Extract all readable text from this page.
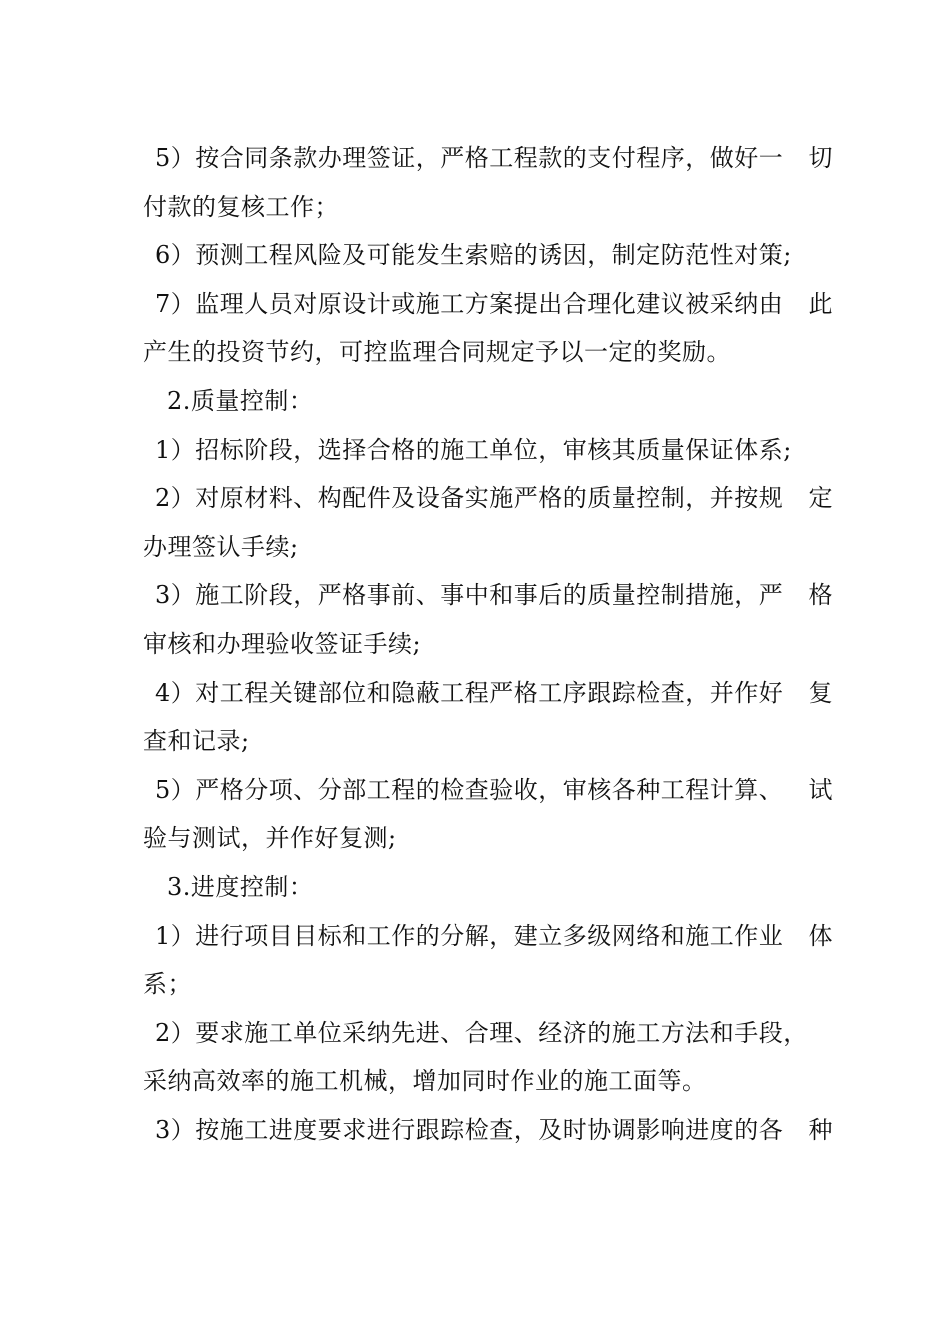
5）按合同条款办理签证，严格工程款的支付程序，做好一 切
付款的复核工作；
6）预测工程风险及可能发生索赔的诱因，制定防范性对策;
7）监理人员对原设计或施工方案提出合理化建议被采纳由 此
产生的投资节约，可控监理合同规定予以一定的奖励。
2.质量控制：
1）招标阶段，选择合格的施工单位，审核其质量保证体系;
2）对原材料、构配件及设备实施严格的质量控制，并按规 定
办理签认手续;
3）施工阶段，严格事前、事中和事后的质量控制措施，严 格
审核和办理验收签证手续;
4）对工程关键部位和隐蔽工程严格工序跟踪检查，并作好 复
查和记录;
5）严格分项、分部工程的检查验收，审核各种工程计算、 试
验与测试，并作好复测;
3.进度控制：
1）进行项目目标和工作的分解，建立多级网络和施工作业 体
系；
2）要求施工单位采纳先进、合理、经济的施工方法和手段，
采纳高效率的施工机械，增加同时作业的施工面等。
3）按施工进度要求进行跟踪检查，及时协调影响进度的各 种
